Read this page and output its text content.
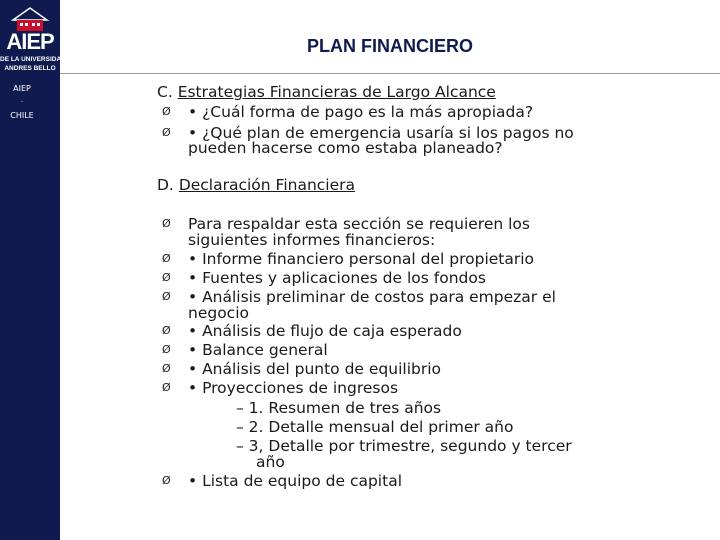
AIEP
DE LA UNIVERSIDAD
ANDRES BELLO
AIEP
.
CHILE
PLAN FINANCIERO
C. Estrategias Financieras de Largo Alcance
Ø • ¿Cuál forma de pago es la más apropiada?
Ø • ¿Qué plan de emergencia usaría si los pagos no
pueden hacerse como estaba planeado?
D. Declaración Financiera
Ø Para respaldar esta sección se requieren los
siguientes informes financieros:
Ø • Informe financiero personal del propietario
Ø • Fuentes y aplicaciones de los fondos
Ø • Análisis preliminar de costos para empezar el
negocio
Ø • Análisis de flujo de caja esperado
Ø • Balance general
Ø • Análisis del punto de equilibrio
Ø • Proyecciones de ingresos
– 1. Resumen de tres años
– 2. Detalle mensual del primer año
– 3, Detalle por trimestre, segundo y tercer
año
Ø • Lista de equipo de capital
